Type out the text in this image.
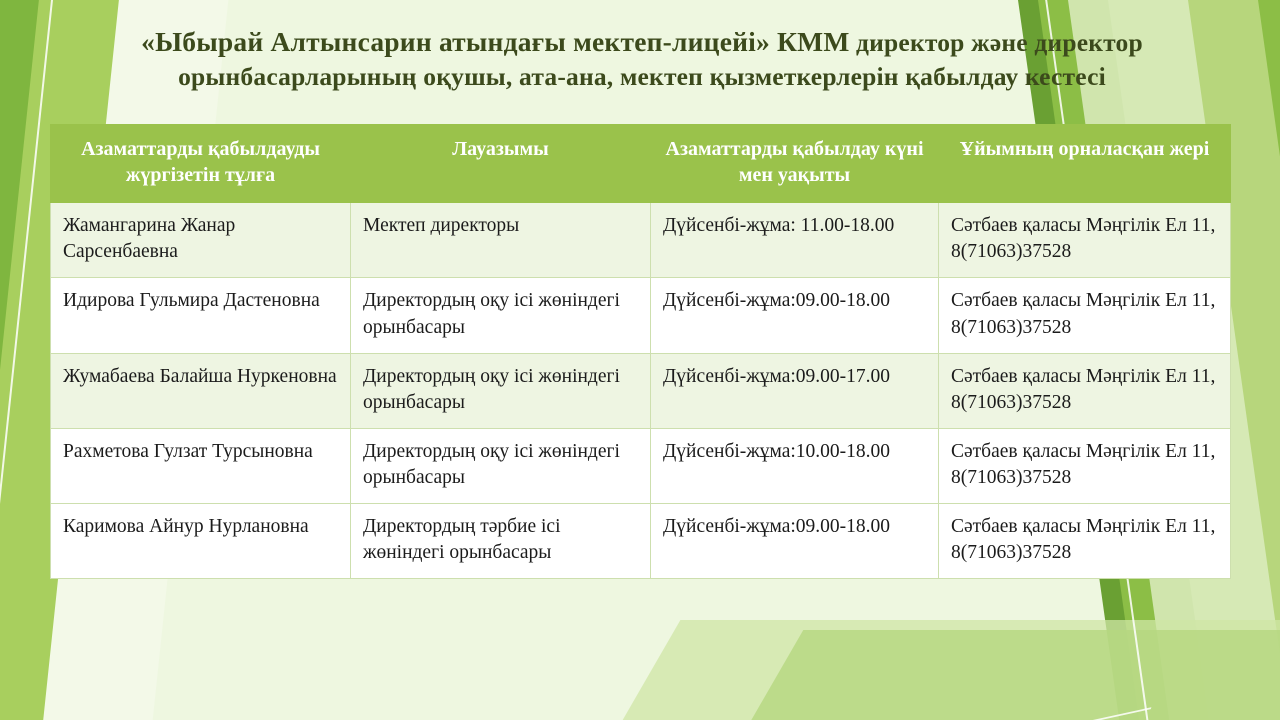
«Ыбырай Алтынсарин атындағы мектеп-лицейі» КММ директор және директор орынбасарларының оқушы, ата-ана, мектеп қызметкерлерін қабылдау кестесі
Азаматтарды қабылдауды жүргізетін тұлға	Лауазымы	Азаматтарды қабылдау күні мен уақыты	Ұйымның орналасқан жері
Жамангарина Жанар Сарсенбаевна	Мектеп директоры	Дүйсенбі-жұма: 11.00-18.00	Сәтбаев қаласы Мәңгілік Ел 11, 8(71063)37528
Идирова Гульмира Дастеновна	Директордың оқу ісі жөніндегі орынбасары	Дүйсенбі-жұма:09.00-18.00	Сәтбаев қаласы Мәңгілік Ел 11, 8(71063)37528
Жумабаева Балайша Нуркеновна	Директордың оқу ісі жөніндегі орынбасары	Дүйсенбі-жұма:09.00-17.00	Сәтбаев қаласы Мәңгілік Ел 11, 8(71063)37528
Рахметова Гулзат Турсыновна	Директордың оқу ісі жөніндегі орынбасары	Дүйсенбі-жұма:10.00-18.00	Сәтбаев қаласы Мәңгілік Ел 11, 8(71063)37528
Каримова Айнур Нурлановна	Директордың тәрбие ісі жөніндегі орынбасары	Дүйсенбі-жұма:09.00-18.00	Сәтбаев қаласы Мәңгілік Ел 11, 8(71063)37528
